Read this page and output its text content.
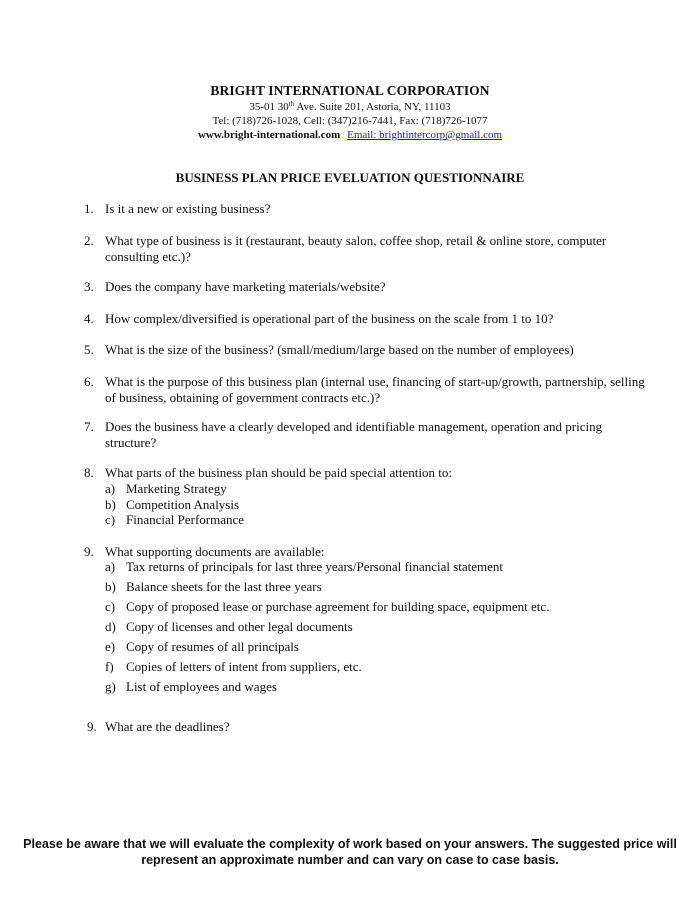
BRIGHT INTERNATIONAL CORPORATION
35-01 30th Ave. Suite 201, Astoria, NY, 11103
Tel: (718)726-1028, Cell: (347)216-7441, Fax: (718)726-1077
www.bright-international.com Email: brightintercorp@gmail.com
BUSINESS PLAN PRICE EVELUATION QUESTIONNAIRE
1. Is it a new or existing business?
2. What type of business is it (restaurant, beauty salon, coffee shop, retail & online store, computer consulting etc.)?
3. Does the company have marketing materials/website?
4. How complex/diversified is operational part of the business on the scale from 1 to 10?
5. What is the size of the business? (small/medium/large based on the number of employees)
6. What is the purpose of this business plan (internal use, financing of start-up/growth, partnership, selling of business, obtaining of government contracts etc.)?
7. Does the business have a clearly developed and identifiable management, operation and pricing structure?
8. What parts of the business plan should be paid special attention to:
a) Marketing Strategy
b) Competition Analysis
c) Financial Performance
9. What supporting documents are available:
a) Tax returns of principals for last three years/Personal financial statement
b) Balance sheets for the last three years
c) Copy of proposed lease or purchase agreement for building space, equipment etc.
d) Copy of licenses and other legal documents
e) Copy of resumes of all principals
f) Copies of letters of intent from suppliers, etc.
g) List of employees and wages
9. What are the deadlines?
Please be aware that we will evaluate the complexity of work based on your answers. The suggested price will represent an approximate number and can vary on case to case basis.
